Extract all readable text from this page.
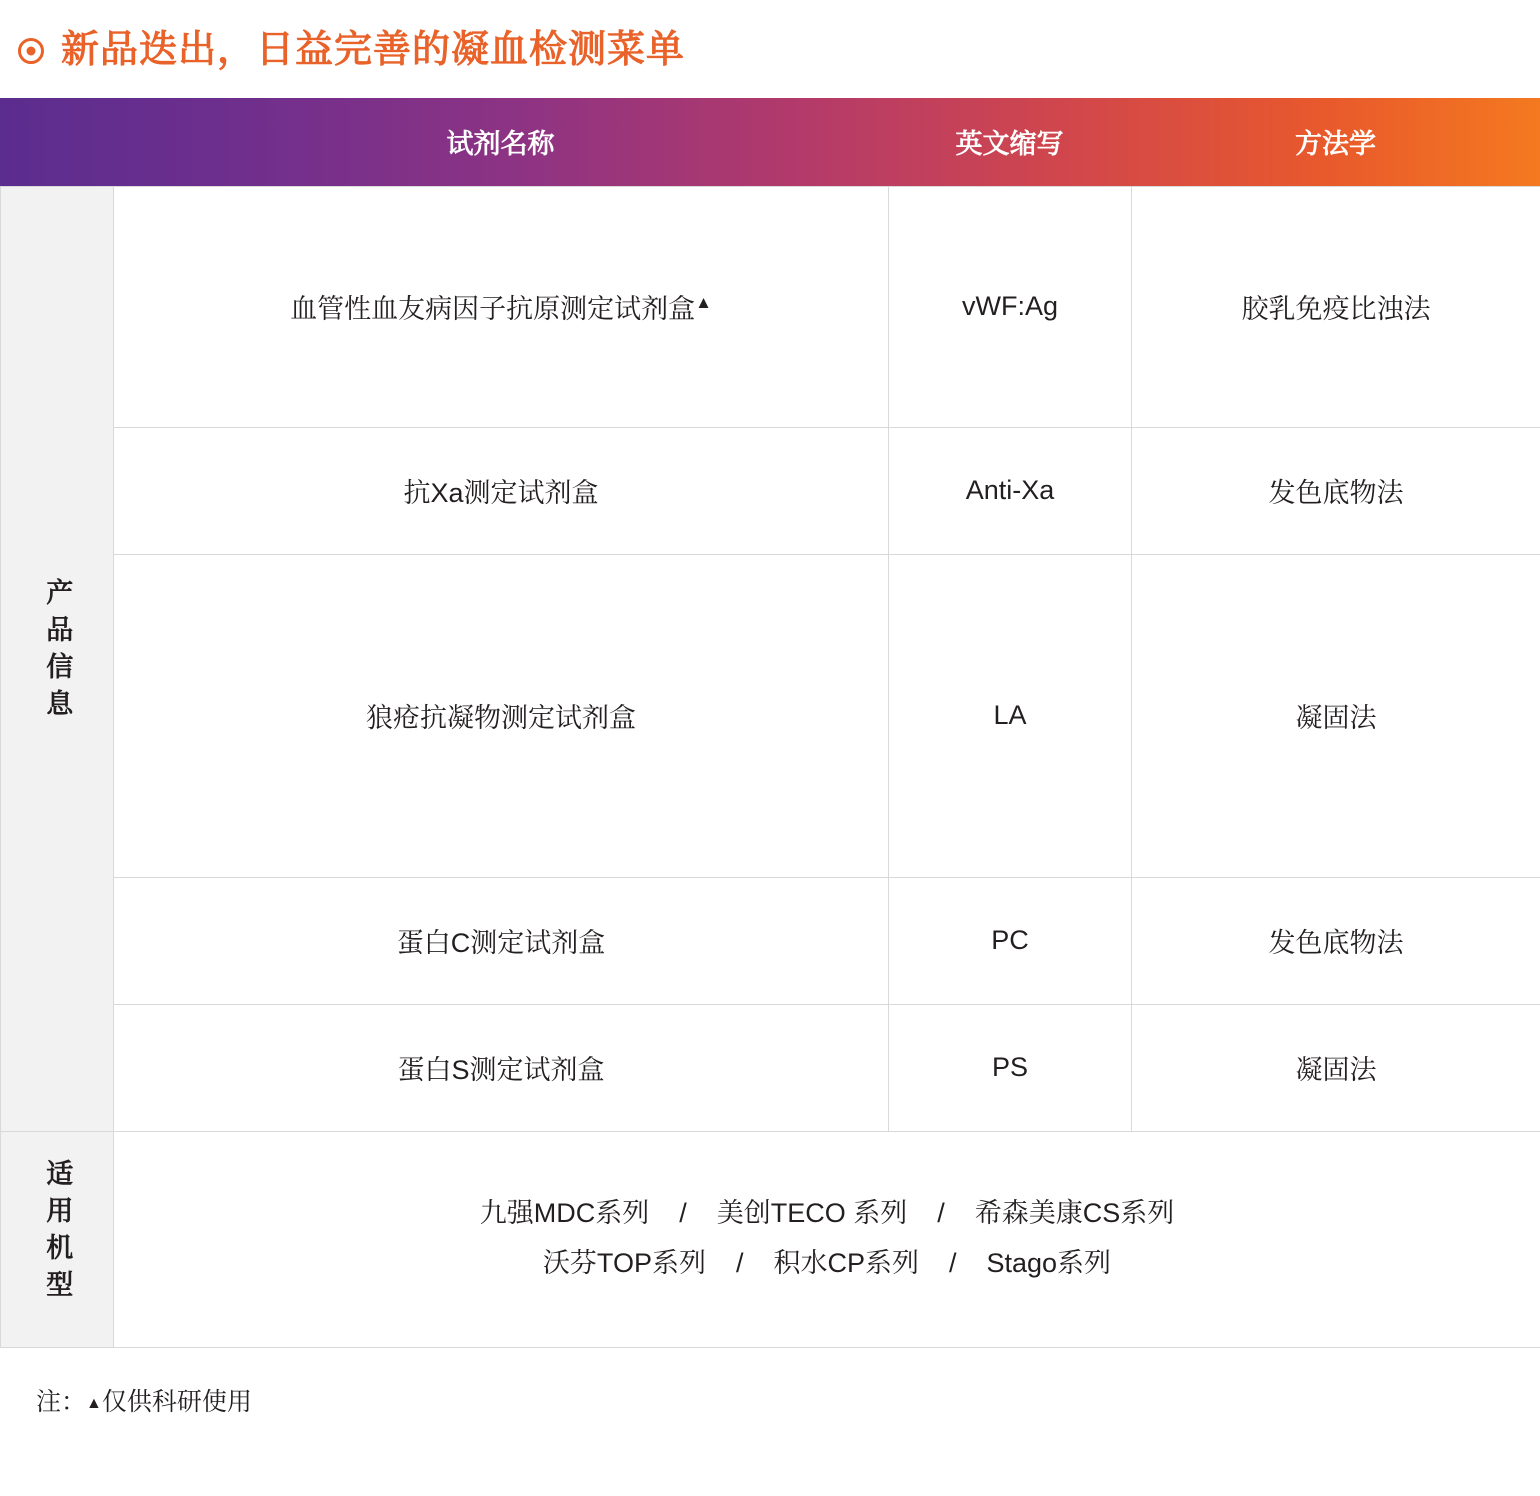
新品迭出，日益完善的凝血检测菜单
试剂名称	英文缩写	方法学
产品信息	血管性血友病因子抗原测定试剂盒▲	vWF:Ag	胶乳免疫比浊法
	抗Xa测定试剂盒	Anti-Xa	发色底物法
	狼疮抗凝物测定试剂盒	LA	凝固法
	蛋白C测定试剂盒	PC	发色底物法
	蛋白S测定试剂盒	PS	凝固法
适用机型	九强MDC系列    /    美创TECO 系列    /    希森美康CS系列
沃芬TOP系列    /    积水CP系列    /    Stago系列		
注：▲仅供科研使用
